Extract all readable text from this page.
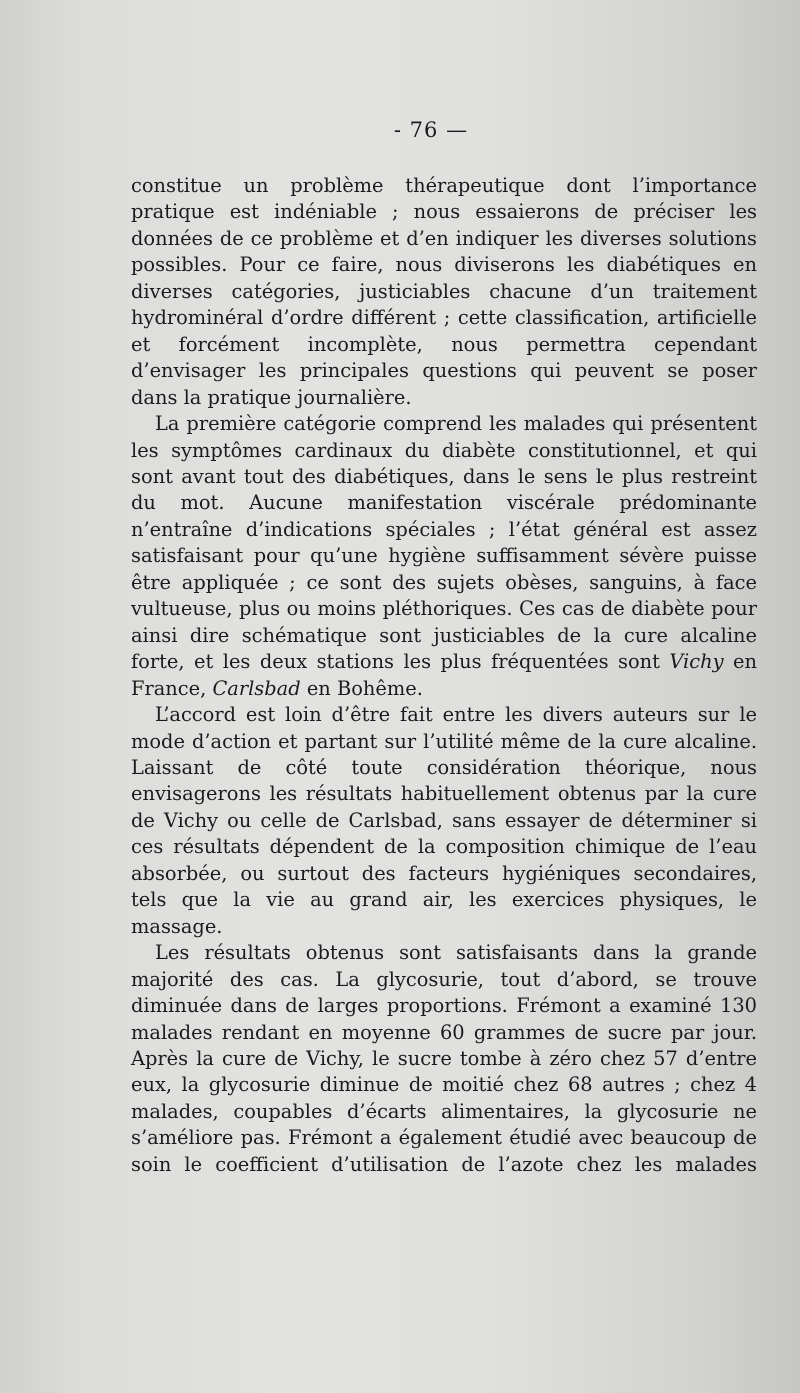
- 76 —

constitue un problème thérapeutique dont l’importance pratique est indéniable ; nous essaierons de préciser les données de ce problème et d’en indiquer les diverses solutions possibles. Pour ce faire, nous diviserons les diabétiques en diverses catégories, justiciables chacune d’un traitement hydrominéral d’ordre différent ; cette classification, artificielle et forcément incomplète, nous permettra cependant d’envisager les principales questions qui peuvent se poser dans la pratique journalière.

La première catégorie comprend les malades qui présentent les symptômes cardinaux du diabète constitutionnel, et qui sont avant tout des diabétiques, dans le sens le plus restreint du mot. Aucune manifestation viscérale prédominante n’entraîne d’indications spéciales ; l’état général est assez satisfaisant pour qu’une hygiène suffisamment sévère puisse être appliquée ; ce sont des sujets obèses, sanguins, à face vultueuse, plus ou moins pléthoriques. Ces cas de diabète pour ainsi dire schématique sont justiciables de la cure alcaline forte, et les deux stations les plus fréquentées sont Vichy en France, Carlsbad en Bohême.

L’accord est loin d’être fait entre les divers auteurs sur le mode d’action et partant sur l’utilité même de la cure alcaline. Laissant de côté toute considération théorique, nous envisagerons les résultats habituellement obtenus par la cure de Vichy ou celle de Carlsbad, sans essayer de déterminer si ces résultats dépendent de la composition chimique de l’eau absorbée, ou surtout des facteurs hygiéniques secondaires, tels que la vie au grand air, les exercices physiques, le massage.

Les résultats obtenus sont satisfaisants dans la grande majorité des cas. La glycosurie, tout d’abord, se trouve diminuée dans de larges proportions. Frémont a examiné 130 malades rendant en moyenne 60 grammes de sucre par jour. Après la cure de Vichy, le sucre tombe à zéro chez 57 d’entre eux, la glycosurie diminue de moitié chez 68 autres ; chez 4 malades, coupables d’écarts alimentaires, la glycosurie ne s’améliore pas. Frémont a également étudié avec beaucoup de soin le coefficient d’utilisation de l’azote chez les malades
